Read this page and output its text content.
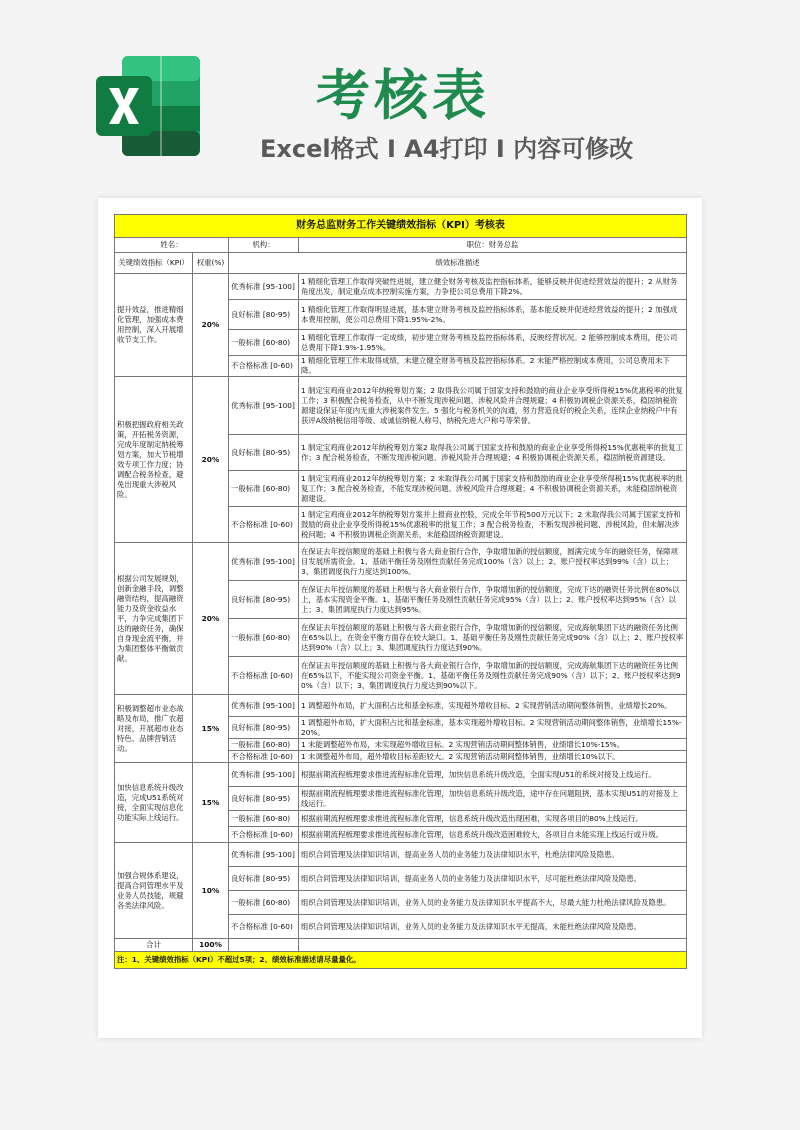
考核表
Excel格式 I A4打印 I 内容可修改
财务总监财务工作关键绩效指标（KPI）考核表			
姓名：		机构：	职位：财务总监
关键绩效指标（KPI）	权重(%)	绩效标准描述	
提升效益，推进精细化管理，加强成本费用控制，深入开展增收节支工作。	20%	优秀标准 [95-100]	1 精细化管理工作取得突破性进展，建立健全财务考核及监控指标体系，能够反映并促进经营效益的提升；2 从财务角度出发，制定重点成本控制实施方案，力争使公司总费用下降2%。
		良好标准 [80-95)	1 精细化管理工作取得明显进展，基本建立财务考核及监控指标体系，基本能反映并促进经营效益的提升；2 加强成本费用控制，使公司总费用下降1.95%-2%。
		一般标准 [60-80)	1 精细化管理工作取得一定成绩，初步建立财务考核及监控指标体系，反映经营状况。2 能够控制成本费用，使公司总费用下降1.9%-1.95%。
		不合格标准 [0-60)	1 精细化管理工作未取得成绩，未建立健全财务考核及监控指标体系。2 未能严格控制成本费用，公司总费用未下降。
积极把握政府相关政策，开拓税务资源，完成年度制定纳税筹划方案，加大节税增效专项工作力度；协调配合税务检查，避免出现重大涉税风险。	20%	优秀标准 [95-100]	1 制定宝鸡商业2012年纳税筹划方案；2 取得我公司属于国家支持和鼓励的商业企业享受所得税15%优惠税率的批复工作；3 积极配合税务检查，从中不断发现涉税问题、涉税风险并合理规避；4 积极协调税企资源关系，稳固纳税资源建设保证年度内无重大涉税案件发生。5 强化与税务机关的沟通，努力营造良好的税企关系，连续企业纳税户中有获评A级纳税信用等级、或诚信纳税人称号，纳税先进大户称号等荣誉。
		良好标准 [80-95)	1 制定宝鸡商业2012年纳税筹划方案2 取得我公司属于国家支持和鼓励的商业企业享受所得税15%优惠税率的批复工作；3 配合税务检查，不断发现涉税问题、涉税风险并合理规避；4 积极协调税企资源关系，稳固纳税资源建设。
		一般标准 [60-80)	1 制定宝鸡商业2012年纳税筹划方案；2 未取得我公司属于国家支持和鼓励的商业企业享受所得税15%优惠税率的批复工作；3 配合税务检查，不能发现涉税问题、涉税风险并合理规避；4 不积极协调税企资源关系，未能稳固纳税资源建设。
		不合格标准 [0-60)	1 制定宝鸡商业2012年纳税筹划方案并上报商业控股，完成全年节税500万元以下；2 未取得我公司属于国家支持和鼓励的商业企业享受所得税15%优惠税率的批复工作；3 配合税务检查，不断发现涉税问题、涉税风险，但未解决涉税问题；4 不积极协调税企资源关系，未能稳固纳税资源建设。
根据公司发展规划，创新金融手段，调整融资结构，提高融资能力及资金收益水平，力争完成集团下达的融资任务，确保自身现金流平衡，并为集团整体平衡做贡献。	20%	优秀标准 [95-100]	在保证去年授信额度的基础上积极与各大商业银行合作，争取增加新的授信额度，圆满完成今年的融资任务，保障项目发展所需资金。1、基础平衡任务及刚性贡献任务完成100%（含）以上；2、账户授权率达到99%（含）以上；3、集团调度执行力度达到100%。
		良好标准 [80-95)	在保证去年授信额度的基础上积极与各大商业银行合作，争取增加新的授信额度，完成下达的融资任务比例在80%以上，基本实现资金平衡。1、基础平衡任务及刚性贡献任务完成95%（含）以上；2、账户授权率达到95%（含）以上；3、集团调度执行力度达到95%。
		一般标准 [60-80)	在保证去年授信额度的基础上积极与各大商业银行合作，争取增加新的授信额度，完成海航集团下达的融资任务比例在65%以上，在资金平衡方面存在较大缺口。1、基础平衡任务及刚性贡献任务完成90%（含）以上；2、账户授权率达到90%（含）以上；3、集团调度执行力度达到90%。
		不合格标准 [0-60)	在保证去年授信额度的基础上积极与各大商业银行合作，争取增加新的授信额度，完成海航集团下达的融资任务比例在65%以下，不能实现公司资金平衡。1、基础平衡任务及刚性贡献任务完成90%（含）以下；2、账户授权率达到90%（含）以下；3、集团调度执行力度达到90%以下。
积极调整超市业态战略及布局，推广农超对接，开展超市业态特色、品牌营销活动。	15%	优秀标准 [95-100]	1 调整超外布局，扩大面积占比和基金标准，实现超外增收目标。2 实现营销活动期间整体销售，业绩增长20%。
		良好标准 [80-95)	1 调整超外布局，扩大面积占比和基金标准，基本实现超外增收目标。2 实现营销活动期间整体销售，业绩增长15%-20%。
		一般标准 [60-80)	1 未能调整超外布局，未实现超外增收目标。2 实现营销活动期间整体销售，业绩增长10%-15%。
		不合格标准 [0-60)	1 未调整超外布局，超外增收目标差距较大。2 实现营销活动期间整体销售，业绩增长10%以下。
加快信息系统升级改造，完成U51系统对接，全面实现信息化功能实际上线运行。	15%	优秀标准 [95-100]	根据前期流程梳理要求推进流程标准化管理，加快信息系统升级改造，全面实现U51的系统对接及上线运行。
		良好标准 [80-95)	根据前期流程梳理要求推进流程标准化管理，加快信息系统升级改造，途中存在问题阻挠，基本实现U51的对接及上线运行。
		一般标准 [60-80)	根据前期流程梳理要求推进流程标准化管理，信息系统升级改造出现困难，实现各项目的80%上线运行。
		不合格标准 [0-60)	根据前期流程梳理要求推进流程标准化管理，信息系统升级改造困难较大，各项目自未能实现上线运行或升级。
加强合规体系建设，提高合同管理水平及业务人员技能，规避各类法律风险。	10%	优秀标准 [95-100]	组织合同管理及法律知识培训，提高业务人员的业务能力及法律知识水平，杜绝法律风险及隐患。
		良好标准 [80-95)	组织合同管理及法律知识培训，提高业务人员的业务能力及法律知识水平，尽可能杜绝法律风险及隐患。
		一般标准 [60-80)	组织合同管理及法律知识培训，业务人员的业务能力及法律知识水平提高不大，尽最大能力杜绝法律风险及隐患。
		不合格标准 [0-60)	组织合同管理及法律知识培训，业务人员的业务能力及法律知识水平无提高，未能杜绝法律风险及隐患。
合计	100%		
注：1、关键绩效指标（KPI）不超过5项；2、绩效标准描述请尽量量化。			
